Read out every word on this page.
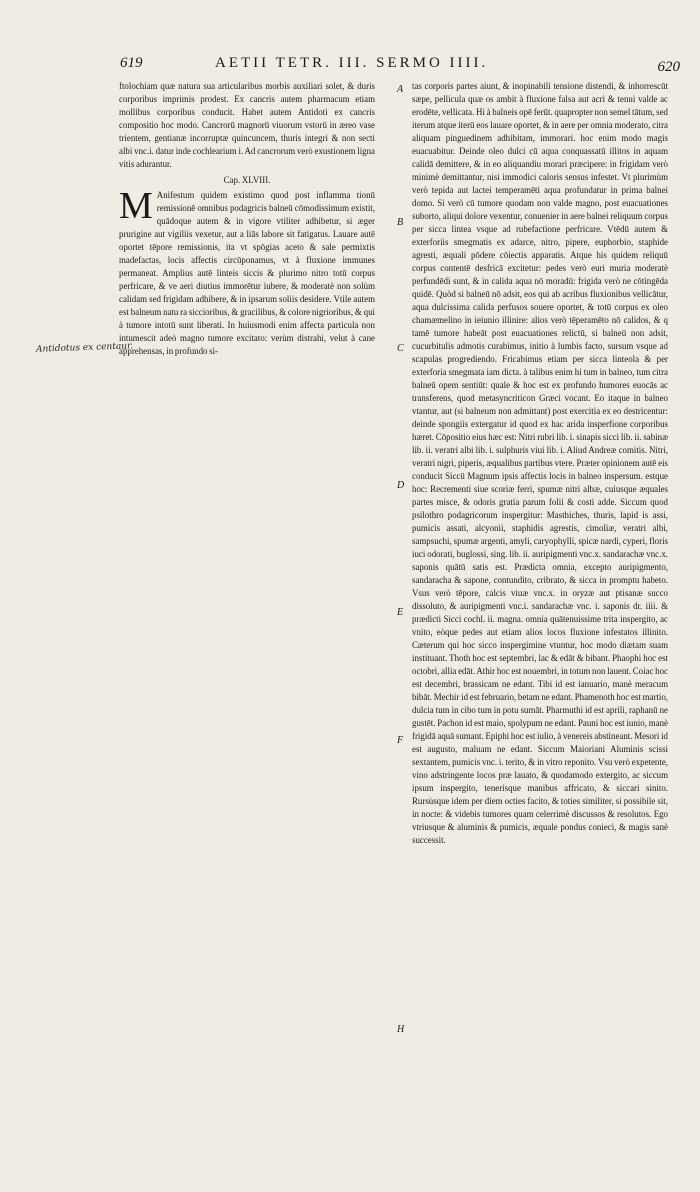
619	AETII TETR. III. SERMO IIII.	620
Antidotus ex centaur.
A
B
C
D
E
F
H

ftolochiam quæ natura sua articularibus morbis auxiliari solet, & duris corporibus imprimis prodest. Ex cancris autem pharmacum etiam mollibus corporibus conducit. Habet autem Antidoti ex cancris compositio hoc modo. Cancrorū magnorū viuorum vstorū in æreo vase trientem, gentianæ incorruptæ quincuncem, thuris integri & non secti albi vnc.i. datur inde cochlearium i. Ad cancrorum verò exustionem ligna vitis adurantur.

Cap. XLVIII.

M Anifestum quidem existimo quod post inflamma tionū remissionē omnibus podagricis balneū cōmodissimum existit, quādoque autem & in vigore vtiliter adhibetur, si æger prurigine aut vigiliis vexetur, aut a liās labore sit fatigatus. Lauare autē oportet tēpore remissionis, ita vt spōgias aceto & sale permixtis madefactas, locis affectis circūponamus, vt à fluxione immunes permaneat. Amplius autē linteis siccis & plurimo nitro totū corpus perfricare, & ve aeri diutius immorētur iubere, & moderatè non solùm calidam sed frigidam adhibere, & in ipsarum soliis desidere. Vtile autem est balneum natu ra siccioribus, & gracilibus, & colore nigrioribus, & qui à tumore intotū sunt liberati. In huiusmodi enim affecta particula non intumescit adeò magno tumore excitato: verùm distrahi, velut à cane apprehensas, in profundo si-

tas corporis partes aiunt, & inopinabili tensione distendi, & inhorrescūt sæpe, pellicula quæ os ambit à fluxione falsa aut acri & tenui valde ac erodēte, vellicata. Hi à balneis opē ferūt. quapropter non semel tātum, sed iterum atque iterū eos lauare oportet, & in aere per omnia moderato, citra aliquam pinguedinem adhibitam, immorari. hoc enim modo magis euacuabitur. Deinde oleo dulci cū aqua conquassatū illitos in aquam calidā demittere, & in eo aliquandiu morari præcipere: in frigidam verò minimè demittantur, nisi immodici caloris sensus infestet. Vt plurimùm verò tepida aut lactei temperamēti aqua profundatur in prima balnei domo. Si verò cū tumore quodam non valde magno, post euacuationes suborto, aliqui dolore vexentur, conuenier in aere balnei reliquum corpus per sicca lintea vsque ad rubefactione perfricare. Vtēdū autem & exterforiis smegmatis ex adarce, nitro, pipere, euphorbio, staphide agresti, æquali pōdere cōiectis apparatis. Atque his quidem reliquū corpus contentē desfricā excitetur: pedes verò euri muria moderatè perfundēdi sunt, & in calida aqua nō moradū: frigida verò ne cōtingēda quidē. Quòd si balneū nō adsit, eos qui ab acribus fluxionibus vellicātur, aqua dulcissima calida perfusos souere oportet, & totū corpus ex oleo chamæmelino in ieiunio illinire: alios verò tēperamēto nō calidos, & q tamē tumore habeāt post euacuationes relictū, si balneū non adsit, cucurbitulis admotis curabimus, initio à lumbis facto, sursum vsque ad scapulas progrediendo. Fricabimus etiam per sicca linteola & per exterforia smegmata iam dicta. à talibus enim hi tum in balneo, tum citra balneū opem sentiūt: quale & hoc est ex profundo humores euocās ac transferens, quod metasyncriticon Græci vocant. Eo itaque in balneo vtantur, aut (si balneum non admittant) post exercitia ex eo destricentur: deinde spongiis extergatur id quod ex hac arida insperfione corporibus hæret. Cōpositio eius hæc est: Nitri rubri lib. i. sinapis sicci lib. ii. sabinæ lib. ii. veratri albi lib. i. sulphuris viui lib. i. Aliud Andreæ comitis. Nitri, veratri nigri, piperis, æqualibus partibus vtere. Præter opinionem autē eis conducit Siccū Magnum ipsis affectis locis in balneo inspersum. estque hoc: Recrementi siue scoriæ ferri, spumæ nitri albæ, cuiusque æquales partes misce, & odoris gratia parum folii & costi adde. Siccum quod psilothro podagricorum inspergitur: Masthiches, thuris, lapid is assi, pumicis assati, alcyonii, staphidis agrestis, cimoliæ, veratri albi, sampsuchi, spumæ argenti, amyli, caryophylli, spicæ nardi, cyperi, floris iuci odorati, buglossi, sing. lib. ii. auripigmenti vnc.x. sandarachæ vnc.x. saponis quātū satis est. Prædicta omnia, excepto auripigmento, sandaracha & sapone, contundito, cribrato, & sicca in promptu habeto. Vsus verò tēpore, calcis viuæ vnc.x. in oryzæ aut ptisanæ succo dissoluto, & auripigmenti vnc.i. sandarachæ vnc. i. saponis dr. iiii. & prædicti Sicci cochl. ii. magna. omnia quātenuissime trita inspergito, ac vnito, eòque pedes aut etiam alios locos fluxione infestatos illinito. Cæterum qui hoc sicco inspergimine vtuntur, hoc modo diætam suam instituant. Thoth hoc est septembri, lac & edāt & bibant. Phaophi hoc est octobri, allia edāt. Athir hoc est nouembri, in totum non lauent. Coiac hoc est decembri, brassicam ne edant. Tibi id est ianuario, manè meracum bibāt. Mechir id est februario, betam ne edant. Phamenoth hoc est martio, dulcia tum in cibo tum in potu sumāt. Pharmuthi id est aprili, raphanū ne gustēt. Pachon id est maio, spolypum ne edant. Pauni hoc est iunio, manè frigidā aquā sumant. Epiphi hoc est iulio, à venereis abstineant. Mesori id est augusto, maluam ne edant. Siccum Maioriani Aluminis scissi sextantem, pumicis vnc. i. terito, & in vitro reponito. Vsu verò expetente, vino adstringente locos præ lauato, & quodamodo extergito, ac siccum ipsum inspergito, tenerisque manibus affricato, & siccari sinito. Rursùsque idem per diem octies facito, & toties similiter, si possibile sit, in nocte: & videbis tumores quam celerrimè discussos & resolutos. Ego vtriusque & aluminis & pumicis, æquale pondus conieci, & magis sanè successit.
